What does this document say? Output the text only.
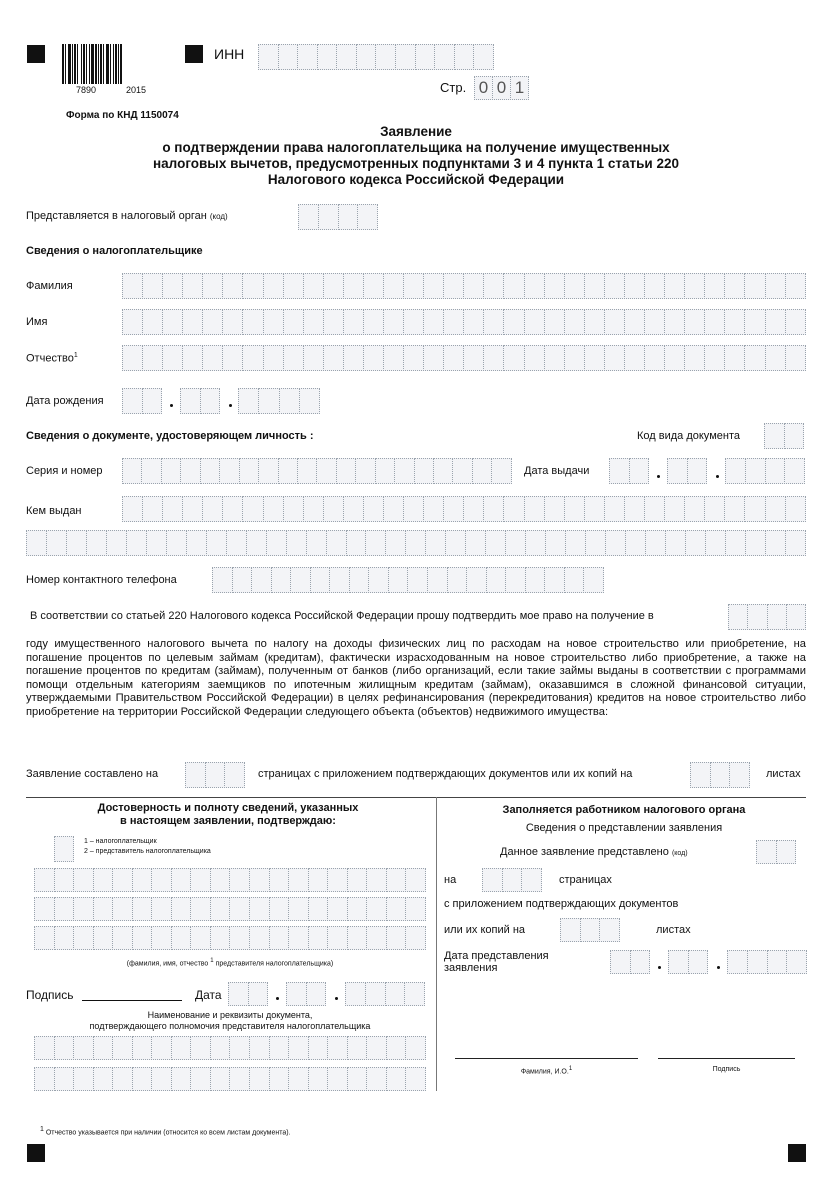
7890	2015
ИНН
Стр. 0 0 1
Форма по КНД 1150074
Заявление
о подтверждении права налогоплательщика на получение имущественных
налоговых вычетов, предусмотренных подпунктами 3 и 4 пункта 1 статьи 220
Налогового кодекса Российской Федерации
Представляется в налоговый орган (код)
Сведения о налогоплательщике
Фамилия
Имя
Отчество$^1$
Дата рождения
Сведения о документе, удостоверяющем личность :	Код вида документа
Серия и номер	Дата выдачи
Кем выдан
Номер контактного телефона
В соответствии со статьей 220 Налогового кодекса Российской Федерации прошу подтвердить мое право на получение в
году имущественного налогового вычета по налогу на доходы физических лиц по расходам на новое строительство или приобретение, на погашение процентов по целевым займам (кредитам), фактически израсходованным на новое строительство либо приобретение, а также на погашение процентов по кредитам (займам), полученным от банков (либо организаций, если такие займы выданы в соответствии с программами помощи отдельным категориям заемщиков по ипотечным жилищным кредитам (займам), оказавшимся в сложной финансовой ситуации, утверждаемыми Правительством Российской Федерации) в целях рефинансирования (перекредитования) кредитов на новое строительство либо приобретение на территории Российской Федерации следующего объекта (объектов) недвижимого имущества:
Заявление составлено на	страницах с приложением подтверждающих документов или их копий на	листах
Достоверность и полноту сведений, указанных
в настоящем заявлении, подтверждаю:
1 – налогоплательщик
2 – представитель налогоплательщика
(фамилия, имя, отчество $^1$ представителя налогоплательщика)
Подпись	Дата
Наименование и реквизиты документа,
подтверждающего полномочия представителя налогоплательщика
Заполняется работником налогового органа
Сведения о представлении заявления
Данное заявление представлено (код)
на	страницах
с приложением подтверждающих документов
или их копий на	листах
Дата представления
заявления
Фамилия, И.О.$^1$	Подпись
$^1$ Отчество указывается при наличии (относится ко всем листам документа).
